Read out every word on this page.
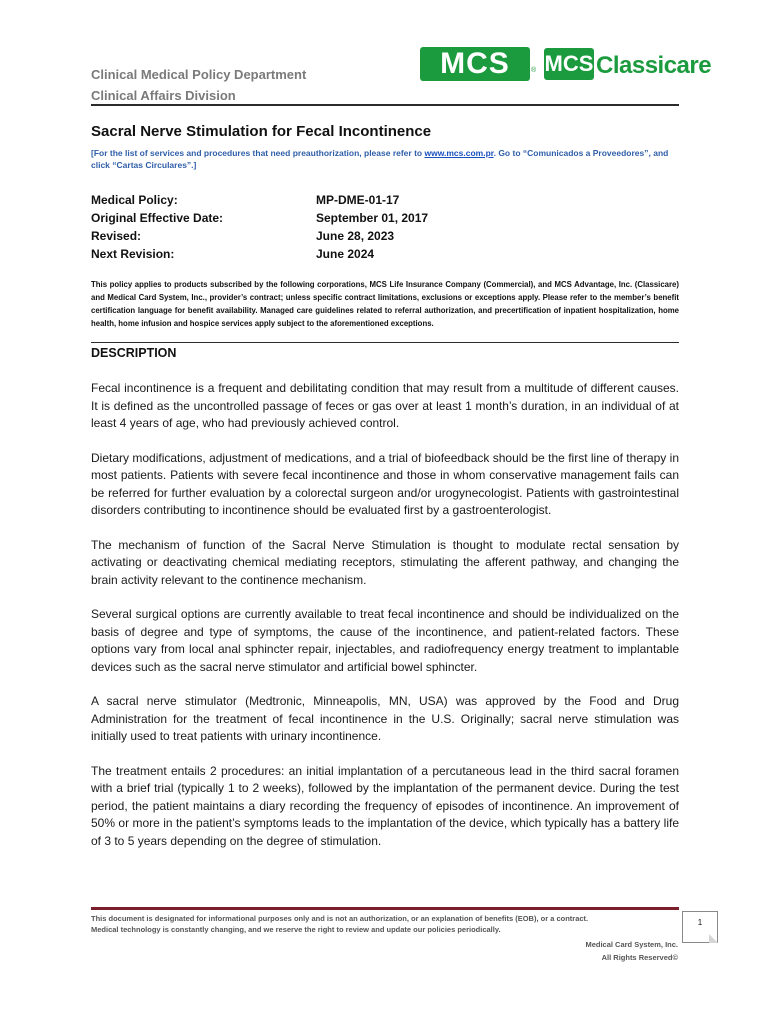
Clinical Medical Policy Department
Clinical Affairs Division
MCS	® MCS Classicare
Sacral Nerve Stimulation for Fecal Incontinence
[For the list of services and procedures that need preauthorization, please refer to www.mcs.com.pr. Go to “Comunicados a Proveedores”, and click “Cartas Circulares”.]
Medical Policy:	MP-DME-01-17
Original Effective Date:	September 01, 2017
Revised:	June 28, 2023
Next Revision:	June 2024
This policy applies to products subscribed by the following corporations, MCS Life Insurance Company (Commercial), and MCS Advantage, Inc. (Classicare) and Medical Card System, Inc., provider’s contract; unless specific contract limitations, exclusions or exceptions apply. Please refer to the member’s benefit certification language for benefit availability. Managed care guidelines related to referral authorization, and precertification of inpatient hospitalization, home health, home infusion and hospice services apply subject to the aforementioned exceptions.
DESCRIPTION

Fecal incontinence is a frequent and debilitating condition that may result from a multitude of different causes. It is defined as the uncontrolled passage of feces or gas over at least 1 month’s duration, in an individual of at least 4 years of age, who had previously achieved control.

Dietary modifications, adjustment of medications, and a trial of biofeedback should be the first line of therapy in most patients. Patients with severe fecal incontinence and those in whom conservative management fails can be referred for further evaluation by a colorectal surgeon and/or urogynecologist. Patients with gastrointestinal disorders contributing to incontinence should be evaluated first by a gastroenterologist.

The mechanism of function of the Sacral Nerve Stimulation is thought to modulate rectal sensation by activating or deactivating chemical mediating receptors, stimulating the afferent pathway, and changing the brain activity relevant to the continence mechanism.

Several surgical options are currently available to treat fecal incontinence and should be individualized on the basis of degree and type of symptoms, the cause of the incontinence, and patient-related factors. These options vary from local anal sphincter repair, injectables, and radiofrequency energy treatment to implantable devices such as the sacral nerve stimulator and artificial bowel sphincter.

A sacral nerve stimulator (Medtronic, Minneapolis, MN, USA) was approved by the Food and Drug Administration for the treatment of fecal incontinence in the U.S. Originally; sacral nerve stimulation was initially used to treat patients with urinary incontinence.

The treatment entails 2 procedures: an initial implantation of a percutaneous lead in the third sacral foramen with a brief trial (typically 1 to 2 weeks), followed by the implantation of the permanent device. During the test period, the patient maintains a diary recording the frequency of episodes of incontinence. An improvement of 50% or more in the patient’s symptoms leads to the implantation of the device, which typically has a battery life of 3 to 5 years depending on the degree of stimulation.

This document is designated for informational purposes only and is not an authorization, or an explanation of benefits (EOB), or a contract.
Medical technology is constantly changing, and we reserve the right to review and update our policies periodically.
Medical Card System, Inc.
All Rights Reserved©
1
